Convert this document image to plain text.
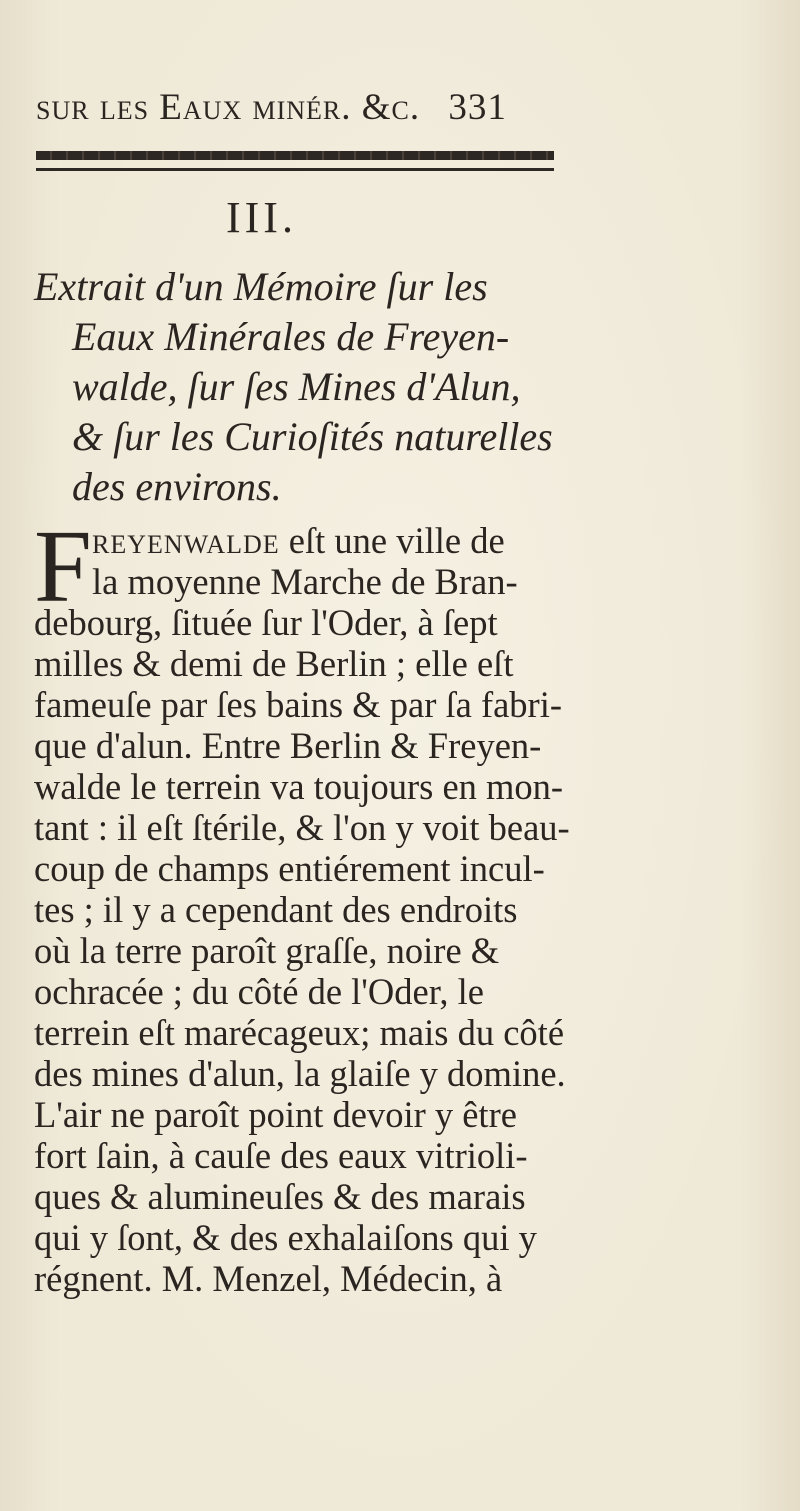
sur les Eaux minér. &c. 331
III.
Extrait d'un Mémoire ſur les
Eaux Minérales de Freyen-
walde, ſur ſes Mines d'Alun,
& ſur les Curioſités naturelles
des environs.
F reyenwalde eſt une ville de
la moyenne Marche de Bran-
debourg, ſituée ſur l'Oder, à ſept
milles & demi de Berlin ; elle eſt
fameuſe par ſes bains & par ſa fabri-
que d'alun. Entre Berlin & Freyen-
walde le terrein va toujours en mon-
tant : il eſt ſtérile, & l'on y voit beau-
coup de champs entiérement incul-
tes ; il y a cependant des endroits
où la terre paroît graſſe, noire &
ochracée ; du côté de l'Oder, le
terrein eſt marécageux; mais du côté
des mines d'alun, la glaiſe y domine.
L'air ne paroît point devoir y être
fort ſain, à cauſe des eaux vitrioli-
ques & alumineuſes & des marais
qui y ſont, & des exhalaiſons qui y
régnent. M. Menzel, Médecin, à
